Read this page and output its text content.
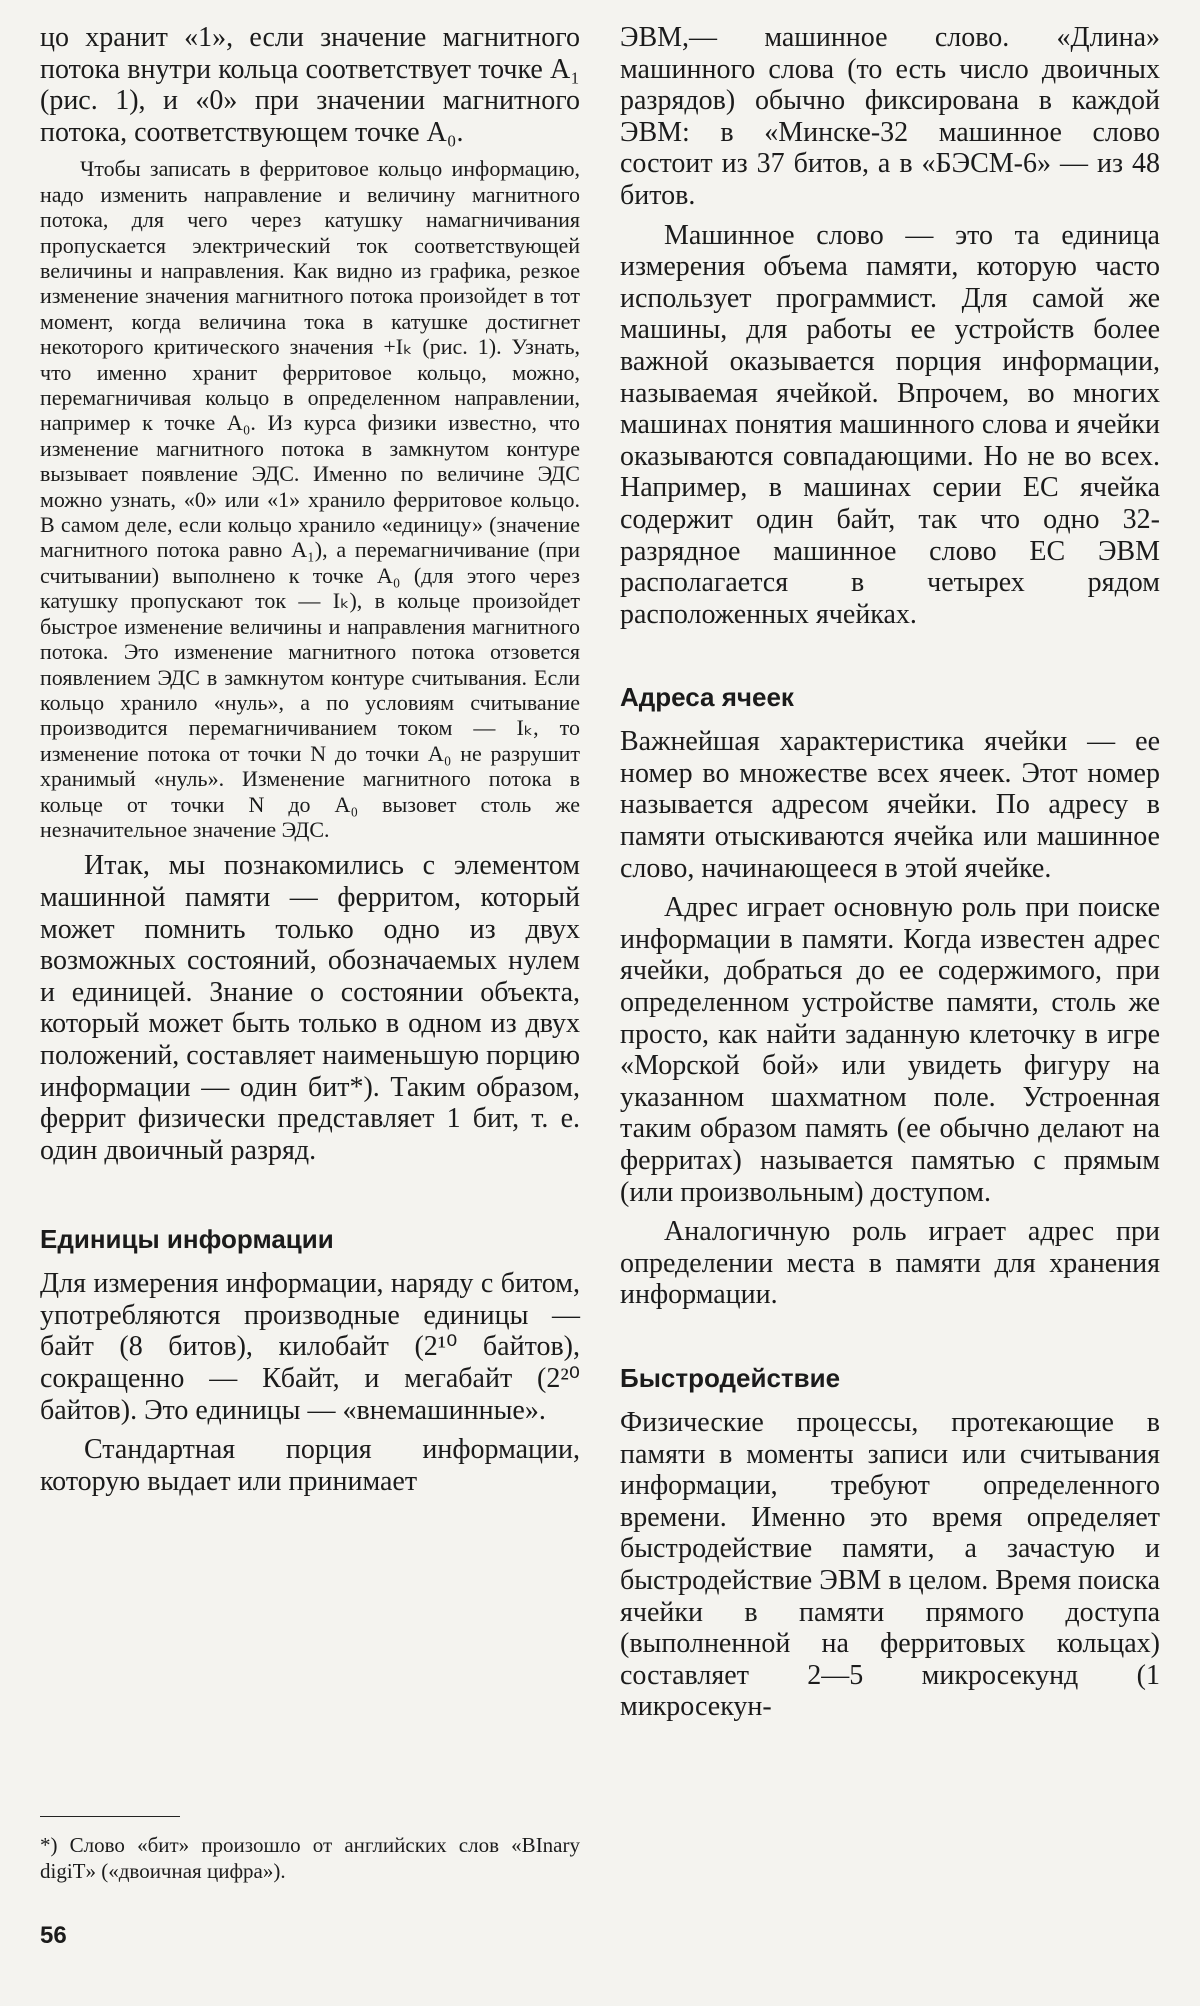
цо хранит «1», если значение магнитного потока внутри кольца соответствует точке A₁ (рис. 1), и «0» при значении магнитного потока, соответствующем точке A₀.

Чтобы записать в ферритовое кольцо информацию, надо изменить направление и величину магнитного потока, для чего через катушку намагничивания пропускается электрический ток соответствующей величины и направления. Как видно из графика, резкое изменение значения магнитного потока произойдет в тот момент, когда величина тока в катушке достигнет некоторого критического значения +Iₖ (рис. 1). Узнать, что именно хранит ферритовое кольцо, можно, перемагничивая кольцо в определенном направлении, например к точке A₀. Из курса физики известно, что изменение магнитного потока в замкнутом контуре вызывает появление ЭДС. Именно по величине ЭДС можно узнать, «0» или «1» хранило ферритовое кольцо. В самом деле, если кольцо хранило «единицу» (значение магнитного потока равно A₁), а перемагничивание (при считывании) выполнено к точке A₀ (для этого через катушку пропускают ток — Iₖ), в кольце произойдет быстрое изменение величины и направления магнитного потока. Это изменение магнитного потока отзовется появлением ЭДС в замкнутом контуре считывания. Если кольцо хранило «нуль», а по условиям считывание производится перемагничиванием током — Iₖ, то изменение потока от точки N до точки A₀ не разрушит хранимый «нуль». Изменение магнитного потока в кольце от точки N до A₀ вызовет столь же незначительное значение ЭДС.

Итак, мы познакомились с элементом машинной памяти — ферритом, который может помнить только одно из двух возможных состояний, обозначаемых нулем и единицей. Знание о состоянии объекта, который может быть только в одном из двух положений, составляет наименьшую порцию информации — один бит*). Таким образом, феррит физически представляет 1 бит, т. е. один двоичный разряд.

Единицы информации

Для измерения информации, наряду с битом, употребляются производные единицы — байт (8 битов), килобайт (2¹⁰ байтов), сокращенно — Кбайт, и мегабайт (2²⁰ байтов). Это единицы — «внемашинные».

Стандартная порция информации, которую выдает или принимает

ЭВМ,— машинное слово. «Длина» машинного слова (то есть число двоичных разрядов) обычно фиксирована в каждой ЭВМ: в «Минске-32 машинное слово состоит из 37 битов, а в «БЭСМ-6» — из 48 битов.

Машинное слово — это та единица измерения объема памяти, которую часто использует программист. Для самой же машины, для работы ее устройств более важной оказывается порция информации, называемая ячейкой. Впрочем, во многих машинах понятия машинного слова и ячейки оказываются совпадающими. Но не во всех. Например, в машинах серии ЕС ячейка содержит один байт, так что одно 32-разрядное машинное слово ЕС ЭВМ располагается в четырех рядом расположенных ячейках.

Адреса ячеек

Важнейшая характеристика ячейки — ее номер во множестве всех ячеек. Этот номер называется адресом ячейки. По адресу в памяти отыскиваются ячейка или машинное слово, начинающееся в этой ячейке.

Адрес играет основную роль при поиске информации в памяти. Когда известен адрес ячейки, добраться до ее содержимого, при определенном устройстве памяти, столь же просто, как найти заданную клеточку в игре «Морской бой» или увидеть фигуру на указанном шахматном поле. Устроенная таким образом память (ее обычно делают на ферритах) называется памятью с прямым (или произвольным) доступом.

Аналогичную роль играет адрес при определении места в памяти для хранения информации.

Быстродействие

Физические процессы, протекающие в памяти в моменты записи или считывания информации, требуют определенного времени. Именно это время определяет быстродействие памяти, а зачастую и быстродействие ЭВМ в целом. Время поиска ячейки в памяти прямого доступа (выполненной на ферритовых кольцах) составляет 2—5 микросекунд (1 микросекун-

*) Слово «бит» произошло от английских слов «BInary digiT» («двоичная цифра»).

56
